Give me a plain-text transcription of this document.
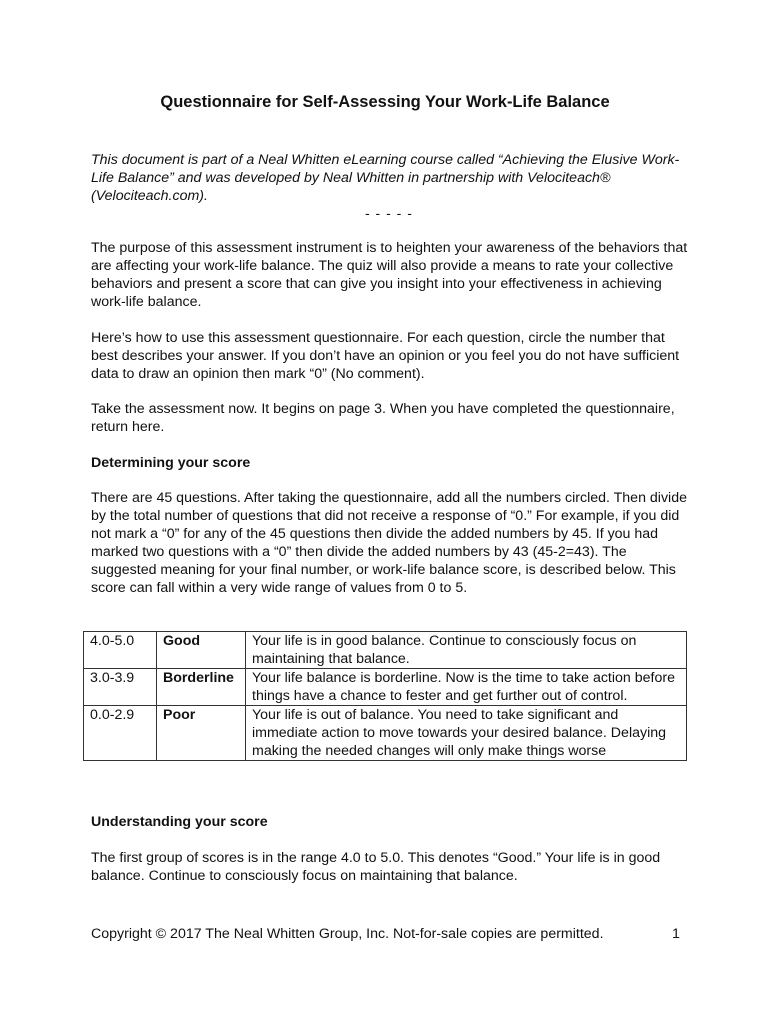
Questionnaire for Self-Assessing Your Work-Life Balance

This document is part of a Neal Whitten eLearning course called “Achieving the Elusive Work-Life Balance” and was developed by Neal Whitten in partnership with Velociteach® (Velociteach.com).

- - - - -

The purpose of this assessment instrument is to heighten your awareness of the behaviors that are affecting your work-life balance. The quiz will also provide a means to rate your collective behaviors and present a score that can give you insight into your effectiveness in achieving work-life balance.

Here’s how to use this assessment questionnaire. For each question, circle the number that best describes your answer. If you don’t have an opinion or you feel you do not have sufficient data to draw an opinion then mark “0” (No comment).

Take the assessment now. It begins on page 3. When you have completed the questionnaire, return here.

Determining your score

There are 45 questions. After taking the questionnaire, add all the numbers circled. Then divide by the total number of questions that did not receive a response of “0.” For example, if you did not mark a “0” for any of the 45 questions then divide the added numbers by 45. If you had marked two questions with a “0” then divide the added numbers by 43 (45-2=43). The suggested meaning for your final number, or work-life balance score, is described below. This score can fall within a very wide range of values from 0 to 5.

4.0-5.0	Good	Your life is in good balance. Continue to consciously focus on maintaining that balance.
3.0-3.9	Borderline	Your life balance is borderline. Now is the time to take action before things have a chance to fester and get further out of control.
0.0-2.9	Poor	Your life is out of balance. You need to take significant and immediate action to move towards your desired balance. Delaying making the needed changes will only make things worse
Understanding your score

The first group of scores is in the range 4.0 to 5.0. This denotes “Good.” Your life is in good balance. Continue to consciously focus on maintaining that balance.

Copyright © 2017 The Neal Whitten Group, Inc. Not-for-sale copies are permitted.	1
